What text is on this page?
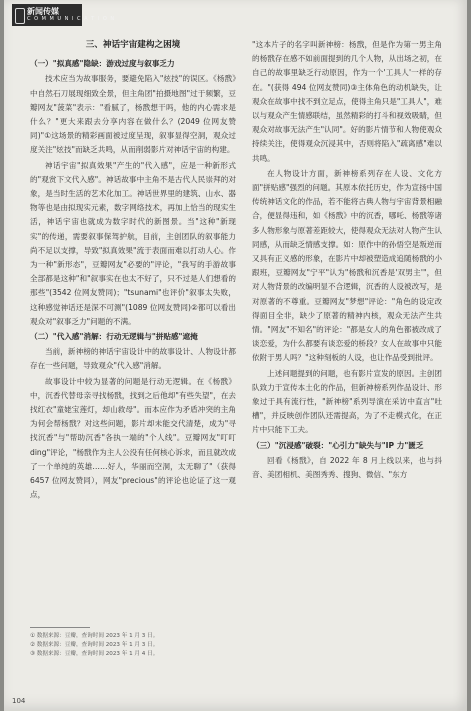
新闻传媒
C O M M U N I C A T I O N
三、神话宇宙建构之困境
（一）"拟真感"隐缺：游戏过度与叙事乏力

技术应当为故事服务，要避免陷入"炫技"的误区。《杨戬》中自然石刀展现细致全景，但主角团"拍摄地图"过于频繁，豆瓣网友"菠菜"表示："看腻了，杨戬想干吗，他的内心需求是什么？"更大来跟去分享内容在做什么？(2049 位网友赞同)"①这场景的精彩画面被过度呈现，叙事显得空洞，观众过度关注"炫技"而缺乏共鸣，从而削弱影片对神话宇宙的构建。

神话宇宙"拟真效果"产生的"代入感"，应是一种新形式的"观赏下文代入感"。神话故事中主角不是古代人民崇拜的对象，是当时生活的艺术化加工。神话世界里的建筑、山水、器物等也是由拟现实元素，数字网络技术，再加上恰当的现实生活，神话宇宙也就成为数字时代的新图景。当"这种"新现实"的传递，需要叙事保驾护航，目前，主创团队的叙事能力尚不足以支撑，导致"拟真效果"流于表面而难以打动人心。作为一种"新形态"，豆瓣网友"必要的"评论，"我写的手游故事全部都是这种"和"叙事实在也太不好了，只不过是人们想看的那些"(3542 位网友赞同)；"tsunami"也评价"叙事太失败，这种感觉神话还是深不可测"(1089 位网友赞同)②都可以看出观众对"叙事乏力"问题的不满。

（二）"代入感"消解：行动无逻辑与"拼贴感"遮掩

当前，新神榜的神话宇宙设计中的故事设计、人物设计都存在一些问题，导致观众"代入感"消解。

故事设计中较为显著的问题是行动无逻辑。在《杨戬》中，沉香代替母亲寻找杨戬，找到之后他却"有些失望"，在去找红衣"童姥宝莲灯，却山救母"。而本应作为矛盾冲突的主角为何会帮杨戬？对这些问题，影片却未能交代清楚，成为"寻找沉香"与"帮助沉香"各执一端的"个人线"。豆瓣网友"叮叮 ding"评论，"杨戬作为主人公没有任何核心诉求，而且就改成了一个单纯的英雄……好人，华丽而空洞，太无聊了"（获得 6457 位网友赞同），网友"precious"的评论也论证了这一观点，

"这本片子的名字叫新神榜：杨戬，但是作为第一男主角的杨戬存在感不如前面提到的几个人物，从出场之初，在自己的故事里缺乏行动原因，作为一个'工具人'一样的存在。"(获得 494 位网友赞同)③主体角色的动机缺失，让观众在故事中找不到立足点，使得主角只是"工具人"，难以与观众产生情感联结，虽然精彩的打斗和视效吸睛，但观众对故事无法产生"认同"。好的影片情节和人物使观众持续关注，使得观众沉浸其中，否则将陷入"疏离感"难以共鸣。

在人物设计方面，新神榜系列存在人设、文化方面"拼贴感"强烈的问题。其原本依托历史，作为宣扬中国传统神话文化的作品，若不能将古典人物与宇宙背景相融合，便显得违和，如《杨戬》中的沉香，哪吒、杨戬等诸多人物形象与原著差距较大，使得观众无法对人物产生认同感，从而缺乏情感支撑。如：原作中的孙悟空是叛逆而又具有正义感的形象，在影片中却被塑造成追随杨戬的小跟班，豆瓣网友"宁平"认为"杨戬和沉香是'双男主'"，但对人物背景的改编明显不合逻辑，沉香的人设被改写，是对原著的不尊重。豆瓣网友"梦想"评论："角色的设定改得面目全非，缺少了原著的精神内核，观众无法产生共情。"网友"不知名"的评论："都是女人的角色都被改成了谈恋爱，为什么都要有谈恋爱的桥段？女人在故事中只能依附于男人吗？"这种刻板的人设，也让作品受到批评。

上述问题提到的问题，也有影片宣发的原因。主创团队致力于宣传本土化的作品，但新神榜系列作品设计、形象过于具有流行性，"新神榜"系列导演在采访中直言"吐槽"，并反映创作团队还需提高，为了不走模式化，在正片中只能下工夫。

（三）"沉浸感"破裂："心引力"缺失与"IP 力"匮乏

回看《杨戬》，自 2022 年 8 月上线以来，也与抖音、美团相机、美图秀秀、搜狗、微信、"东方

① 数据来源：豆瓣，查询时间 2023 年 1 月 3 日。
② 数据来源：豆瓣，查询时间 2023 年 1 月 3 日。
③ 数据来源：豆瓣，查询时间 2023 年 1 月 4 日。
104
